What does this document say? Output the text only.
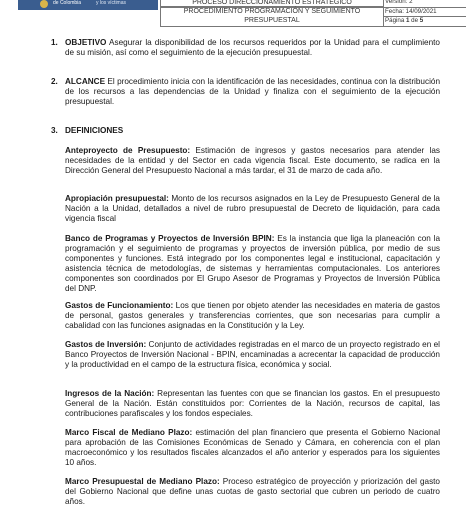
de Colombia	y los víctimas	PROCESO DIRECCIONAMIENTO ESTRATÉGICO
PROCEDIMIENTO PROGRAMACIÓN Y SEGUIMIENTO PRESUPUESTAL
Versión: 2
Fecha: 14/09/2021
Página 1 de 5
1. OBJETIVO Asegurar la disponibilidad de los recursos requeridos por la Unidad para el cumplimiento de su misión, así como el seguimiento de la ejecución presupuestal.
2. ALCANCE El procedimiento inicia con la identificación de las necesidades, continua con la distribución de los recursos a las dependencias de la Unidad y finaliza con el seguimiento de la ejecución presupuestal.
3. DEFINICIONES
Anteproyecto de Presupuesto: Estimación de ingresos y gastos necesarios para atender las necesidades de la entidad y del Sector en cada vigencia fiscal. Este documento, se radica en la Dirección General del Presupuesto Nacional a más tardar, el 31 de marzo de cada año.
Apropiación presupuestal: Monto de los recursos asignados en la Ley de Presupuesto General de la Nación a la Unidad, detallados a nivel de rubro presupuestal de Decreto de liquidación, para cada vigencia fiscal
Banco de Programas y Proyectos de Inversión BPIN: Es la instancia que liga la planeación con la programación y el seguimiento de programas y proyectos de inversión pública, por medio de sus componentes y funciones. Está integrado por los componentes legal e institucional, capacitación y asistencia técnica de metodologías, de sistemas y herramientas computacionales. Los anteriores componentes son coordinados por El Grupo Asesor de Programas y Proyectos de Inversión Pública del DNP.
Gastos de Funcionamiento: Los que tienen por objeto atender las necesidades en materia de gastos de personal, gastos generales y transferencias corrientes, que son necesarias para cumplir a cabalidad con las funciones asignadas en la Constitución y la Ley.
Gastos de Inversión: Conjunto de actividades registradas en el marco de un proyecto registrado en el Banco Proyectos de Inversión Nacional - BPIN, encaminadas a acrecentar la capacidad de producción y la productividad en el campo de la estructura física, económica y social.
Ingresos de la Nación: Representan las fuentes con que se financian los gastos. En el presupuesto General de la Nación. Están constituidos por: Corrientes de la Nación, recursos de capital, las contribuciones parafiscales y los fondos especiales.
Marco Fiscal de Mediano Plazo: estimación del plan financiero que presenta el Gobierno Nacional para aprobación de las Comisiones Económicas de Senado y Cámara, en coherencia con el plan macroeconómico y los resultados fiscales alcanzados el año anterior y esperados para los siguientes 10 años.
Marco Presupuestal de Mediano Plazo: Proceso estratégico de proyección y priorización del gasto del Gobierno Nacional que define unas cuotas de gasto sectorial que cubren un periodo de cuatro años.
